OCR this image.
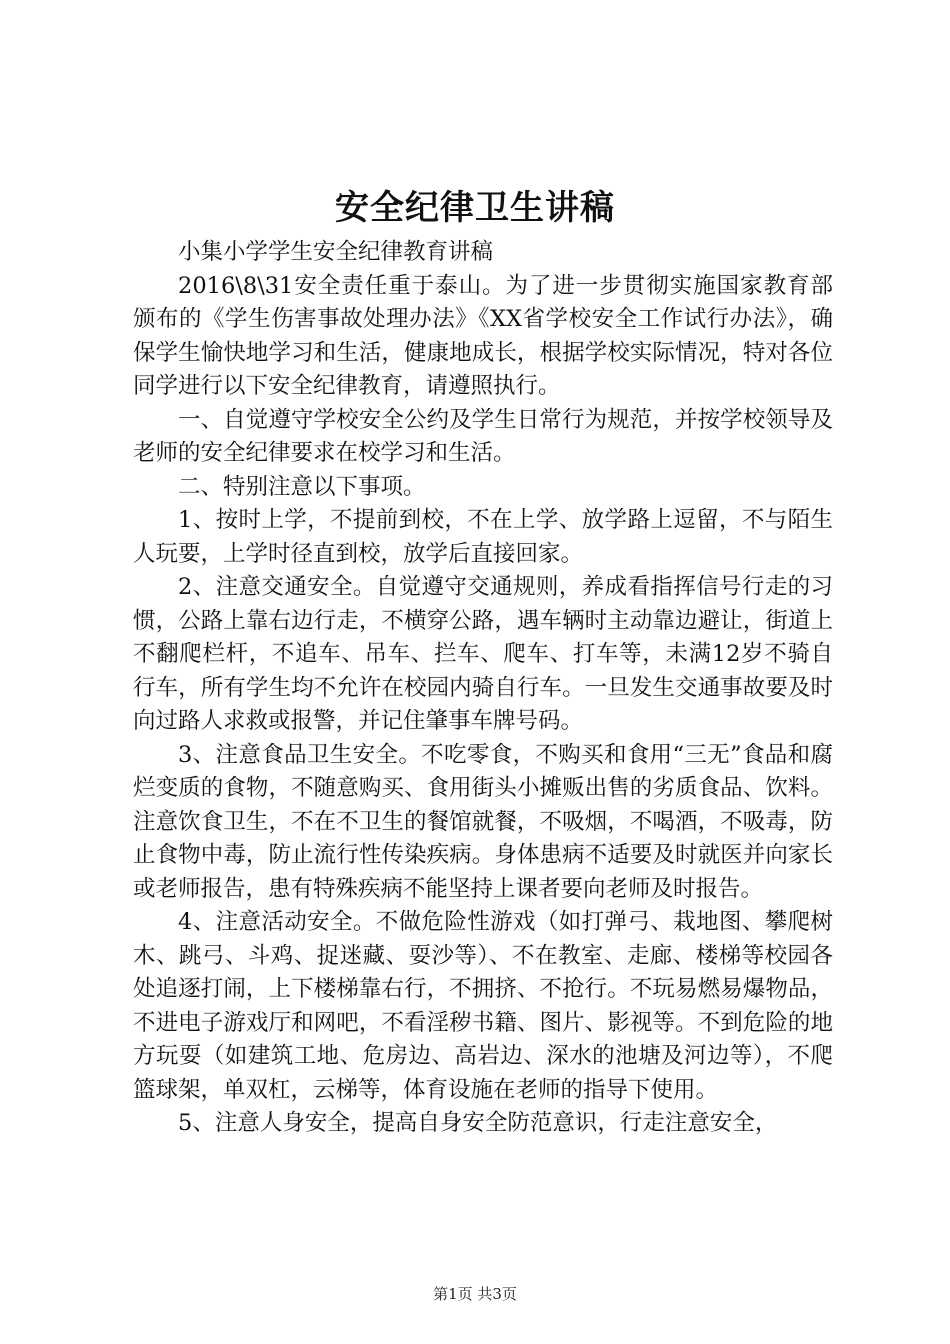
安全纪律卫生讲稿

小集小学学生安全纪律教育讲稿

2016\8\31安全责任重于泰山。为了进一步贯彻实施国家教育部颁布的《学生伤害事故处理办法》《XX省学校安全工作试行办法》，确保学生愉快地学习和生活，健康地成长，根据学校实际情况，特对各位同学进行以下安全纪律教育，请遵照执行。

一、自觉遵守学校安全公约及学生日常行为规范，并按学校领导及老师的安全纪律要求在校学习和生活。

二、特别注意以下事项。

1、按时上学，不提前到校，不在上学、放学路上逗留，不与陌生人玩要，上学时径直到校，放学后直接回家。

2、注意交通安全。自觉遵守交通规则，养成看指挥信号行走的习惯，公路上靠右边行走，不横穿公路，遇车辆时主动靠边避让，街道上不翻爬栏杆，不追车、吊车、拦车、爬车、打车等，未满12岁不骑自行车，所有学生均不允许在校园内骑自行车。一旦发生交通事故要及时向过路人求救或报警，并记住肇事车牌号码。

3、注意食品卫生安全。不吃零食，不购买和食用“三无”食品和腐烂变质的食物，不随意购买、食用街头小摊贩出售的劣质食品、饮料。注意饮食卫生，不在不卫生的餐馆就餐，不吸烟，不喝酒，不吸毒，防止食物中毒，防止流行性传染疾病。身体患病不适要及时就医并向家长或老师报告，患有特殊疾病不能坚持上课者要向老师及时报告。

4、注意活动安全。不做危险性游戏（如打弹弓、栽地图、攀爬树木、跳弓、斗鸡、捉迷藏、耍沙等）、不在教室、走廊、楼梯等校园各处追逐打闹，上下楼梯靠右行，不拥挤、不抢行。不玩易燃易爆物品，不进电子游戏厅和网吧，不看淫秽书籍、图片、影视等。不到危险的地方玩耍（如建筑工地、危房边、高岩边、深水的池塘及河边等），不爬篮球架，单双杠，云梯等，体育设施在老师的指导下使用。

5、注意人身安全，提高自身安全防范意识，行走注意安全，

第1页 共3页
